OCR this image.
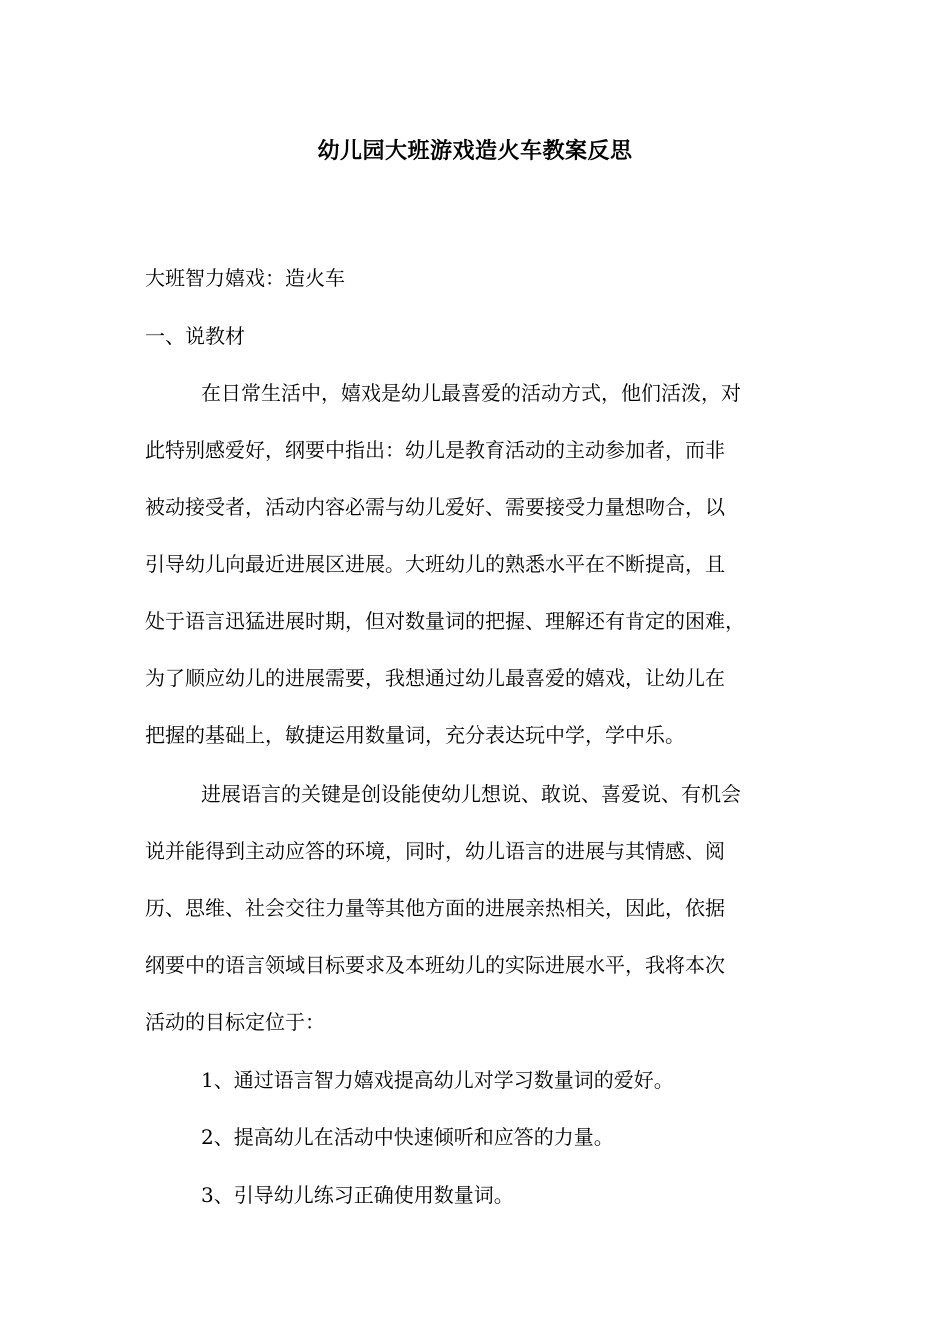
幼儿园大班游戏造火车教案反思
大班智力嬉戏：造火车
一、说教材
在日常生活中，嬉戏是幼儿最喜爱的活动方式，他们活泼，对
此特别感爱好，纲要中指出：幼儿是教育活动的主动参加者，而非
被动接受者，活动内容必需与幼儿爱好、需要接受力量想吻合，以
引导幼儿向最近进展区进展。大班幼儿的熟悉水平在不断提高，且
处于语言迅猛进展时期，但对数量词的把握、理解还有肯定的困难，
为了顺应幼儿的进展需要，我想通过幼儿最喜爱的嬉戏，让幼儿在
把握的基础上，敏捷运用数量词，充分表达玩中学，学中乐。
进展语言的关键是创设能使幼儿想说、敢说、喜爱说、有机会
说并能得到主动应答的环境，同时，幼儿语言的进展与其情感、阅
历、思维、社会交往力量等其他方面的进展亲热相关，因此，依据
纲要中的语言领域目标要求及本班幼儿的实际进展水平，我将本次
活动的目标定位于：
1、通过语言智力嬉戏提高幼儿对学习数量词的爱好。
2、提高幼儿在活动中快速倾听和应答的力量。
3、引导幼儿练习正确使用数量词。
